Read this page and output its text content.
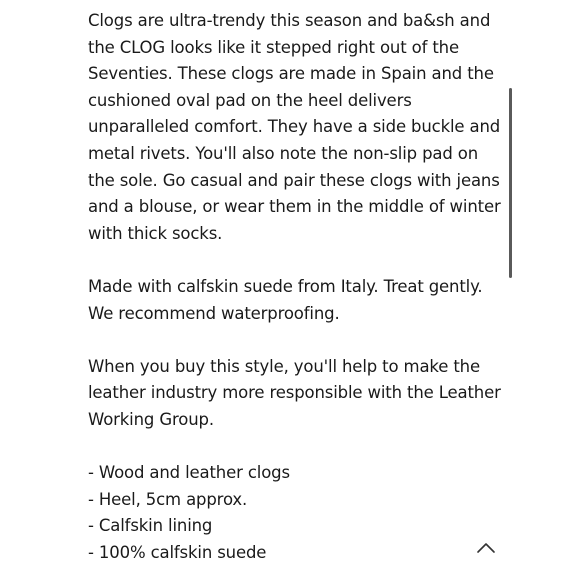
Clogs are ultra-trendy this season and ba&sh and
the CLOG looks like it stepped right out of the
Seventies. These clogs are made in Spain and the
cushioned oval pad on the heel delivers
unparalleled comfort. They have a side buckle and
metal rivets. You'll also note the non-slip pad on
the sole. Go casual and pair these clogs with jeans
and a blouse, or wear them in the middle of winter
with thick socks.

Made with calfskin suede from Italy. Treat gently.
We recommend waterproofing.

When you buy this style, you'll help to make the
leather industry more responsible with the Leather
Working Group.

- Wood and leather clogs
- Heel, 5cm approx.
- Calfskin lining
- 100% calfskin suede
